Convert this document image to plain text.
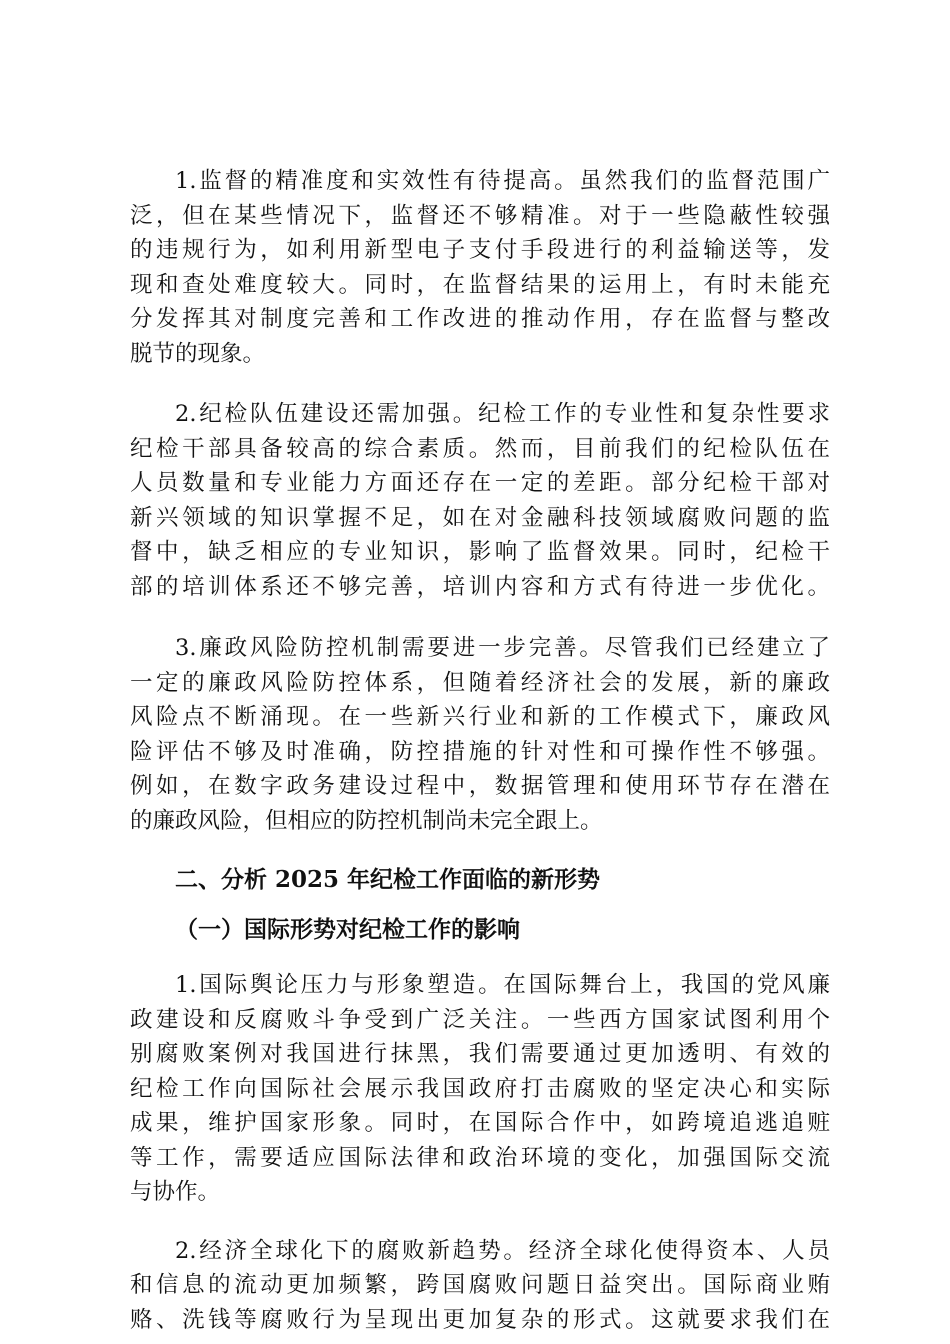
1.监督的精准度和实效性有待提高。虽然我们的监督范围广
泛，但在某些情况下，监督还不够精准。对于一些隐蔽性较强
的违规行为，如利用新型电子支付手段进行的利益输送等，发
现和查处难度较大。同时，在监督结果的运用上，有时未能充
分发挥其对制度完善和工作改进的推动作用，存在监督与整改
脱节的现象。
2.纪检队伍建设还需加强。纪检工作的专业性和复杂性要求
纪检干部具备较高的综合素质。然而，目前我们的纪检队伍在
人员数量和专业能力方面还存在一定的差距。部分纪检干部对
新兴领域的知识掌握不足，如在对金融科技领域腐败问题的监
督中，缺乏相应的专业知识，影响了监督效果。同时，纪检干
部的培训体系还不够完善，培训内容和方式有待进一步优化。
3.廉政风险防控机制需要进一步完善。尽管我们已经建立了
一定的廉政风险防控体系，但随着经济社会的发展，新的廉政
风险点不断涌现。在一些新兴行业和新的工作模式下，廉政风
险评估不够及时准确，防控措施的针对性和可操作性不够强。
例如，在数字政务建设过程中，数据管理和使用环节存在潜在
的廉政风险，但相应的防控机制尚未完全跟上。
二、分析 2025 年纪检工作面临的新形势
（一）国际形势对纪检工作的影响
1.国际舆论压力与形象塑造。在国际舞台上，我国的党风廉
政建设和反腐败斗争受到广泛关注。一些西方国家试图利用个
别腐败案例对我国进行抹黑，我们需要通过更加透明、有效的
纪检工作向国际社会展示我国政府打击腐败的坚定决心和实际
成果，维护国家形象。同时，在国际合作中，如跨境追逃追赃
等工作，需要适应国际法律和政治环境的变化，加强国际交流
与协作。
2.经济全球化下的腐败新趋势。经济全球化使得资本、人员
和信息的流动更加频繁，跨国腐败问题日益突出。国际商业贿
赂、洗钱等腐败行为呈现出更加复杂的形式。这就要求我们在
